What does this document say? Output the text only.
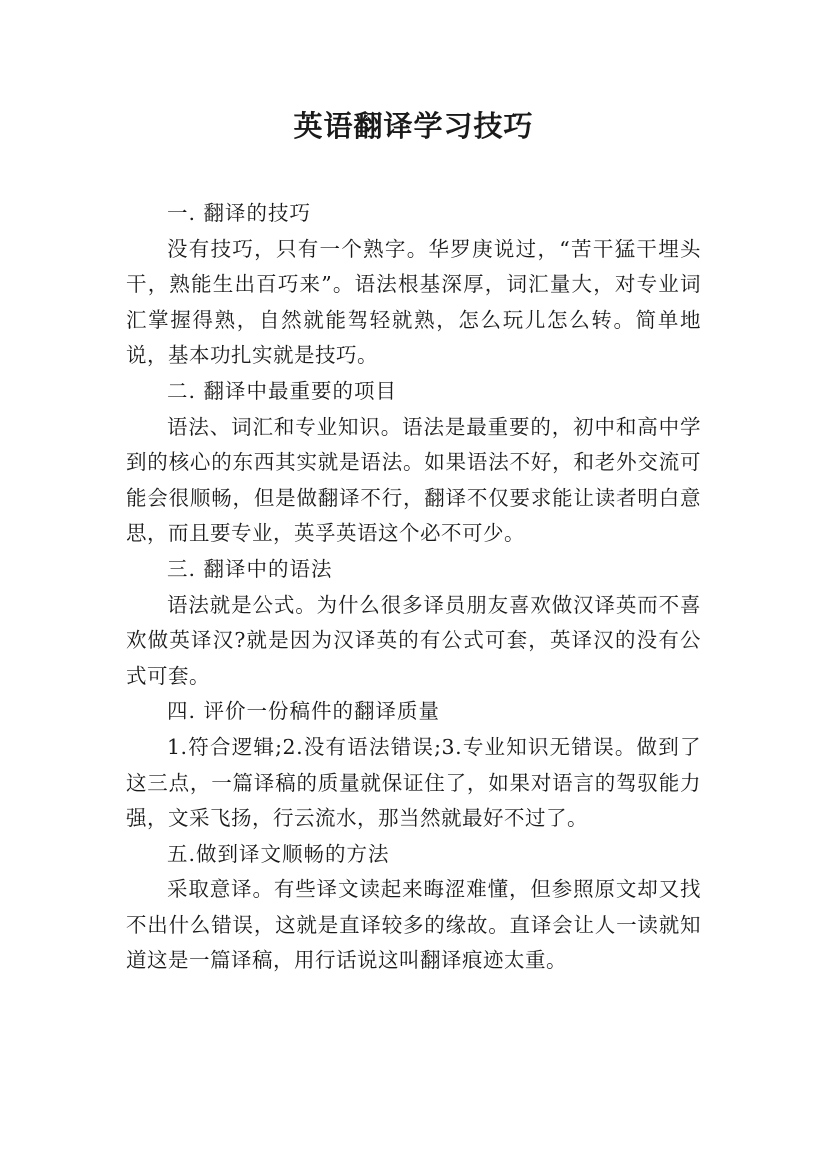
英语翻译学习技巧

一. 翻译的技巧

没有技巧，只有一个熟字。华罗庚说过，“苦干猛干埋头干，熟能生出百巧来”。语法根基深厚，词汇量大，对专业词汇掌握得熟，自然就能驾轻就熟，怎么玩儿怎么转。简单地说，基本功扎实就是技巧。

二. 翻译中最重要的项目

语法、词汇和专业知识。语法是最重要的，初中和高中学到的核心的东西其实就是语法。如果语法不好，和老外交流可能会很顺畅，但是做翻译不行，翻译不仅要求能让读者明白意思，而且要专业，英孚英语这个必不可少。

三. 翻译中的语法

语法就是公式。为什么很多译员朋友喜欢做汉译英而不喜欢做英译汉?就是因为汉译英的有公式可套，英译汉的没有公式可套。

四. 评价一份稿件的翻译质量

1.符合逻辑;2.没有语法错误;3.专业知识无错误。做到了这三点，一篇译稿的质量就保证住了，如果对语言的驾驭能力强，文采飞扬，行云流水，那当然就最好不过了。

五.做到译文顺畅的方法

采取意译。有些译文读起来晦涩难懂，但参照原文却又找不出什么错误，这就是直译较多的缘故。直译会让人一读就知道这是一篇译稿，用行话说这叫翻译痕迹太重。
